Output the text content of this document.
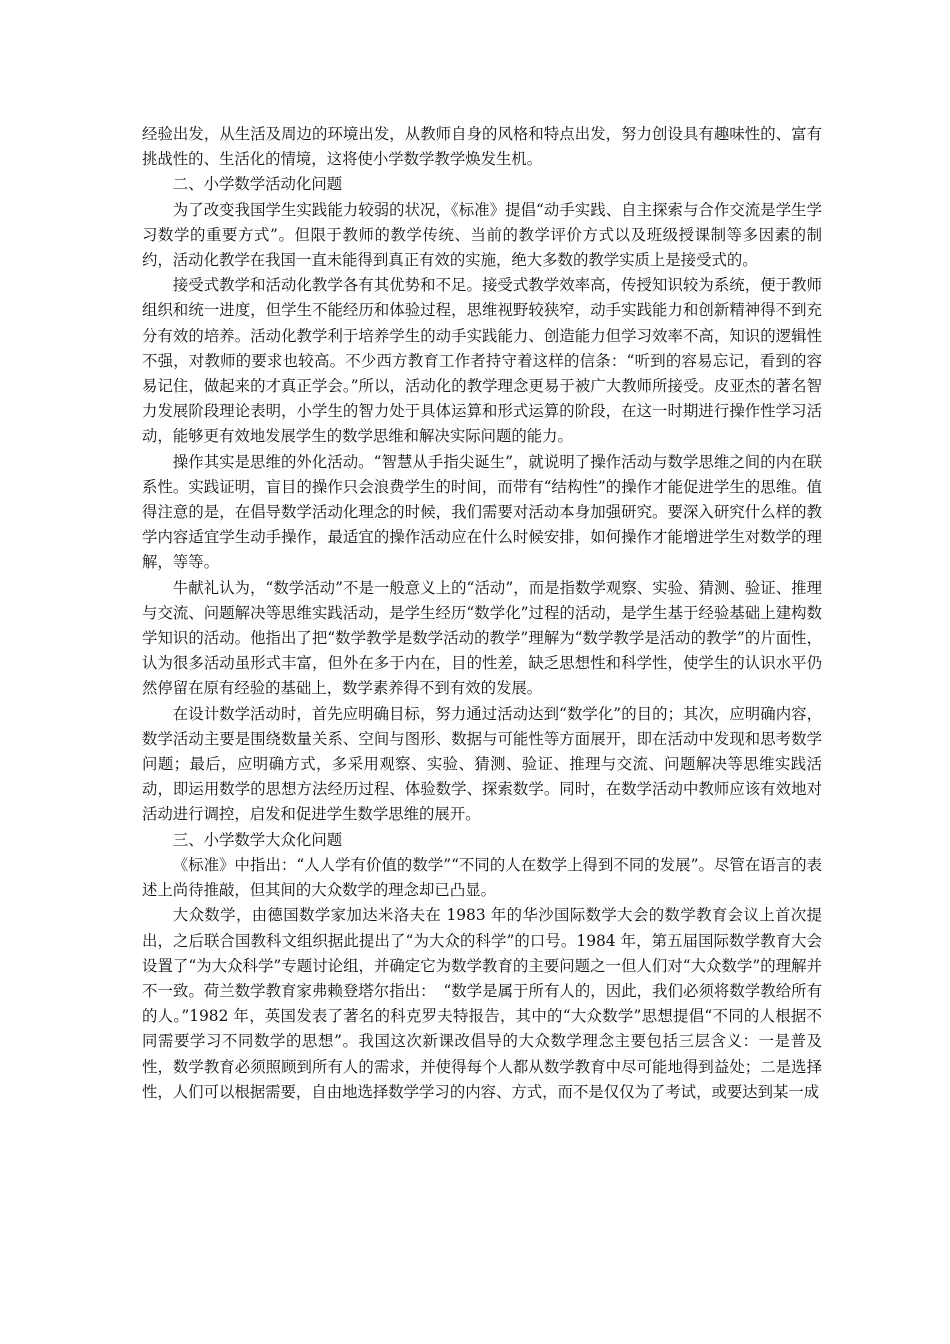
经验出发，从生活及周边的环境出发，从教师自身的风格和特点出发，努力创设具有趣味性的、富有挑战性的、生活化的情境，这将使小学数学教学焕发生机。

二、小学数学活动化问题

为了改变我国学生实践能力较弱的状况，《标准》提倡“动手实践、自主探索与合作交流是学生学习数学的重要方式”。但限于教师的教学传统、当前的教学评价方式以及班级授课制等多因素的制约，活动化教学在我国一直未能得到真正有效的实施，绝大多数的教学实质上是接受式的。

接受式教学和活动化教学各有其优势和不足。接受式教学效率高，传授知识较为系统，便于教师组织和统一进度，但学生不能经历和体验过程，思维视野较狭窄，动手实践能力和创新精神得不到充分有效的培养。活动化教学利于培养学生的动手实践能力、创造能力但学习效率不高，知识的逻辑性不强，对教师的要求也较高。不少西方教育工作者持守着这样的信条：“听到的容易忘记，看到的容易记住，做起来的才真正学会。”所以，活动化的教学理念更易于被广大教师所接受。皮亚杰的著名智力发展阶段理论表明，小学生的智力处于具体运算和形式运算的阶段，在这一时期进行操作性学习活动，能够更有效地发展学生的数学思维和解决实际问题的能力。

操作其实是思维的外化活动。“智慧从手指尖诞生”，就说明了操作活动与数学思维之间的内在联系性。实践证明，盲目的操作只会浪费学生的时间，而带有“结构性”的操作才能促进学生的思维。值得注意的是，在倡导数学活动化理念的时候，我们需要对活动本身加强研究。要深入研究什么样的教学内容适宜学生动手操作，最适宜的操作活动应在什么时候安排，如何操作才能增进学生对数学的理解，等等。

牛献礼认为，“数学活动”不是一般意义上的“活动”，而是指数学观察、实验、猜测、验证、推理与交流、问题解决等思维实践活动，是学生经历“数学化”过程的活动，是学生基于经验基础上建构数学知识的活动。他指出了把“数学教学是数学活动的教学”理解为“数学教学是活动的教学”的片面性，认为很多活动虽形式丰富，但外在多于内在，目的性差，缺乏思想性和科学性，使学生的认识水平仍然停留在原有经验的基础上，数学素养得不到有效的发展。

在设计数学活动时，首先应明确目标，努力通过活动达到“数学化”的目的；其次，应明确内容，数学活动主要是围绕数量关系、空间与图形、数据与可能性等方面展开，即在活动中发现和思考数学问题；最后，应明确方式，多采用观察、实验、猜测、验证、推理与交流、问题解决等思维实践活动，即运用数学的思想方法经历过程、体验数学、探索数学。同时，在数学活动中教师应该有效地对活动进行调控，启发和促进学生数学思维的展开。

三、小学数学大众化问题

《标准》中指出：“人人学有价值的数学”“不同的人在数学上得到不同的发展”。尽管在语言的表述上尚待推敲，但其间的大众数学的理念却已凸显。

大众数学，由德国数学家加达米洛夫在 1983 年的华沙国际数学大会的数学教育会议上首次提出，之后联合国教科文组织据此提出了“为大众的科学”的口号。1984 年，第五届国际数学教育大会设置了“为大众科学”专题讨论组，并确定它为数学教育的主要问题之一但人们对“大众数学”的理解并不一致。荷兰数学教育家弗赖登塔尔指出：　“数学是属于所有人的，因此，我们必须将数学教给所有的人。”1982 年，英国发表了著名的科克罗夫特报告，其中的“大众数学”思想提倡“不同的人根据不同需要学习不同数学的思想”。我国这次新课改倡导的大众数学理念主要包括三层含义：一是普及性，数学教育必须照顾到所有人的需求，并使得每个人都从数学教育中尽可能地得到益处；二是选择性，人们可以根据需要，自由地选择数学学习的内容、方式，而不是仅仅为了考试，或要达到某一成
